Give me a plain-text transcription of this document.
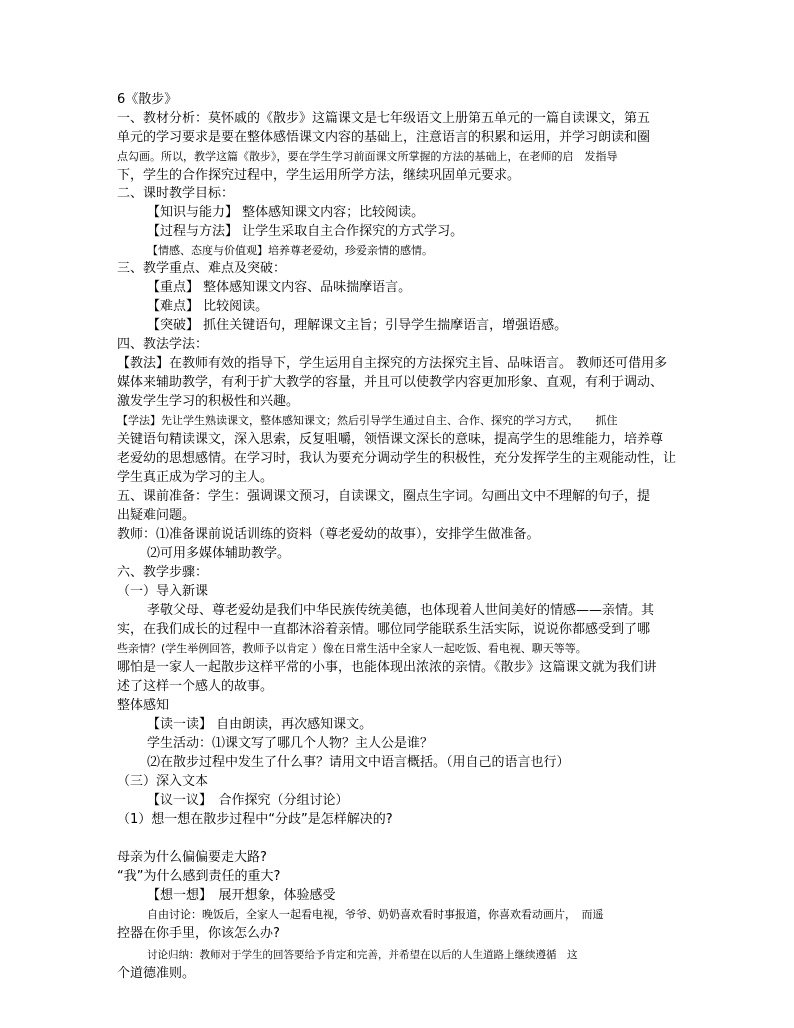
6《散步》
一、教材分析：莫怀戚的《散步》这篇课文是七年级语文上册第五单元的一篇自读课文，第五
单元的学习要求是要在整体感悟课文内容的基础上，注意语言的积累和运用，并学习朗读和圈
点勾画。所以，教学这篇《散步》，要在学生学习前面课文所掌握的方法的基础上，在老师的启　发指导
下，学生的合作探究过程中，学生运用所学方法，继续巩固单元要求。
二、课时教学目标：
【知识与能力】 整体感知课文内容；比较阅读。
【过程与方法】 让学生采取自主合作探究的方式学习。
【情感、态度与价值观】培养尊老爱幼，珍爱亲情的感情。
三、教学重点、难点及突破：
【重点】 整体感知课文内容、品味揣摩语言。
【难点】 比较阅读。
【突破】 抓住关键语句，理解课文主旨；引导学生揣摩语言，增强语感。
四、教法学法：
【教法】在教师有效的指导下，学生运用自主探究的方法探究主旨、品味语言。 教师还可借用多
媒体来辅助教学，有利于扩大教学的容量，并且可以使教学内容更加形象、直观，有利于调动、
激发学生学习的积极性和兴趣。
【学法】先让学生熟读课文，整体感知课文；然后引导学生通过自主、合作、探究的学习方式，　　抓住
关键语句精读课文，深入思索，反复咀嚼，领悟课文深长的意味，提高学生的思维能力，培养尊
老爱幼的思想感情。在学习时，我认为要充分调动学生的积极性，充分发挥学生的主观能动性，让
学生真正成为学习的主人。
五、课前准备：学生：强调课文预习，自读课文，圈点生字词。勾画出文中不理解的句子，提
出疑难问题。
教师：⑴准备课前说话训练的资料（尊老爱幼的故事），安排学生做准备。
⑵可用多媒体辅助教学。
六、教学步骤：
（一）导入新课
孝敬父母、尊老爱幼是我们中华民族传统美德，也体现着人世间美好的情感——亲情。其
实，在我们成长的过程中一直都沐浴着亲情。哪位同学能联系生活实际，说说你都感受到了哪
些亲情？(学生举例回答，教师予以肯定 ）像在日常生活中全家人一起吃饭、看电视、聊天等等。
哪怕是一家人一起散步这样平常的小事，也能体现出浓浓的亲情。《散步》这篇课文就为我们讲
述了这样一个感人的故事。
整体感知
【读一读】 自由朗读，再次感知课文。
学生活动：⑴课文写了哪几个人物？主人公是谁？
⑵在散步过程中发生了什么事？请用文中语言概括。（用自己的语言也行）
（三）深入文本
【议一议】　合作探究（分组讨论）
（1）想一想在散步过程中“分歧”是怎样解决的?
母亲为什么偏偏要走大路?
“我”为什么感到责任的重大?
【想一想】　展开想象，体验感受
自由讨论：晚饭后，全家人一起看电视，爷爷、奶奶喜欢看时事报道，你喜欢看动画片，　而遥
控器在你手里，你该怎么办?
讨论归纳：教师对于学生的回答要给予肯定和完善，并希望在以后的人生道路上继续遵循　这
个道德准则。
